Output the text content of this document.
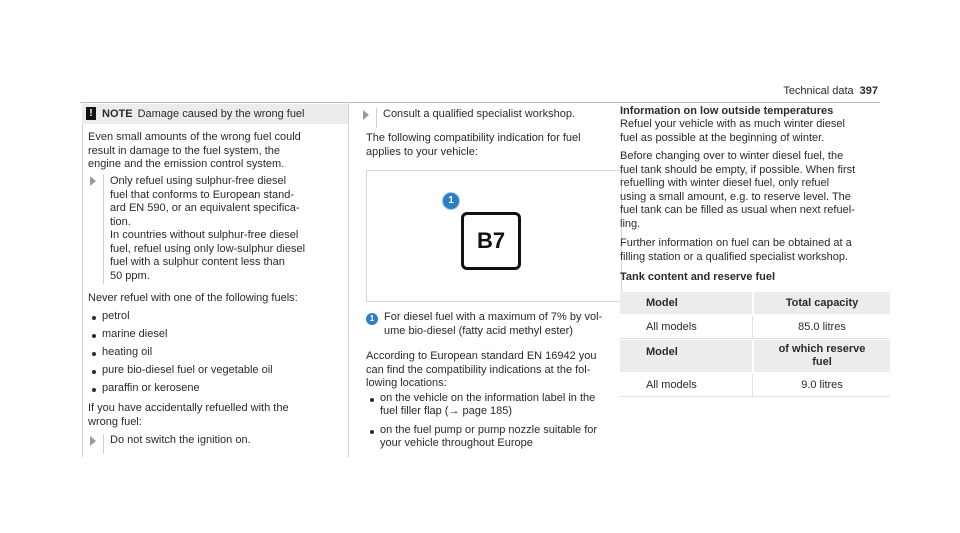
Technical data 397
! NOTE Damage caused by the wrong fuel
Even small amounts of the wrong fuel could
result in damage to the fuel system, the
engine and the emission control system.
Only refuel using sulphur-free diesel
fuel that conforms to European stand-
ard EN 590, or an equivalent specifica-
tion.
In countries without sulphur-free diesel
fuel, refuel using only low-sulphur diesel
fuel with a sulphur content less than
50 ppm.
Never refuel with one of the following fuels:
petrol
marine diesel
heating oil
pure bio-diesel fuel or vegetable oil
paraffin or kerosene
If you have accidentally refuelled with the
wrong fuel:
Do not switch the ignition on.
Consult a qualified specialist workshop.
The following compatibility indication for fuel
applies to your vehicle:
1
B7
1 For diesel fuel with a maximum of 7% by vol-
ume bio-diesel (fatty acid methyl ester)
According to European standard EN 16942 you
can find the compatibility indications at the fol-
lowing locations:
on the vehicle on the information label in the
fuel filler flap (→ page 185)
on the fuel pump or pump nozzle suitable for
your vehicle throughout Europe
Information on low outside temperatures
Refuel your vehicle with as much winter diesel
fuel as possible at the beginning of winter.
Before changing over to winter diesel fuel, the
fuel tank should be empty, if possible. When first
refuelling with winter diesel fuel, only refuel
using a small amount, e.g. to reserve level. The
fuel tank can be filled as usual when next refuel-
ling.
Further information on fuel can be obtained at a
filling station or a qualified specialist workshop.
Tank content and reserve fuel
Model	Total capacity
All models	85.0 litres
Model	of which reserve
fuel
All models	9.0 litres
